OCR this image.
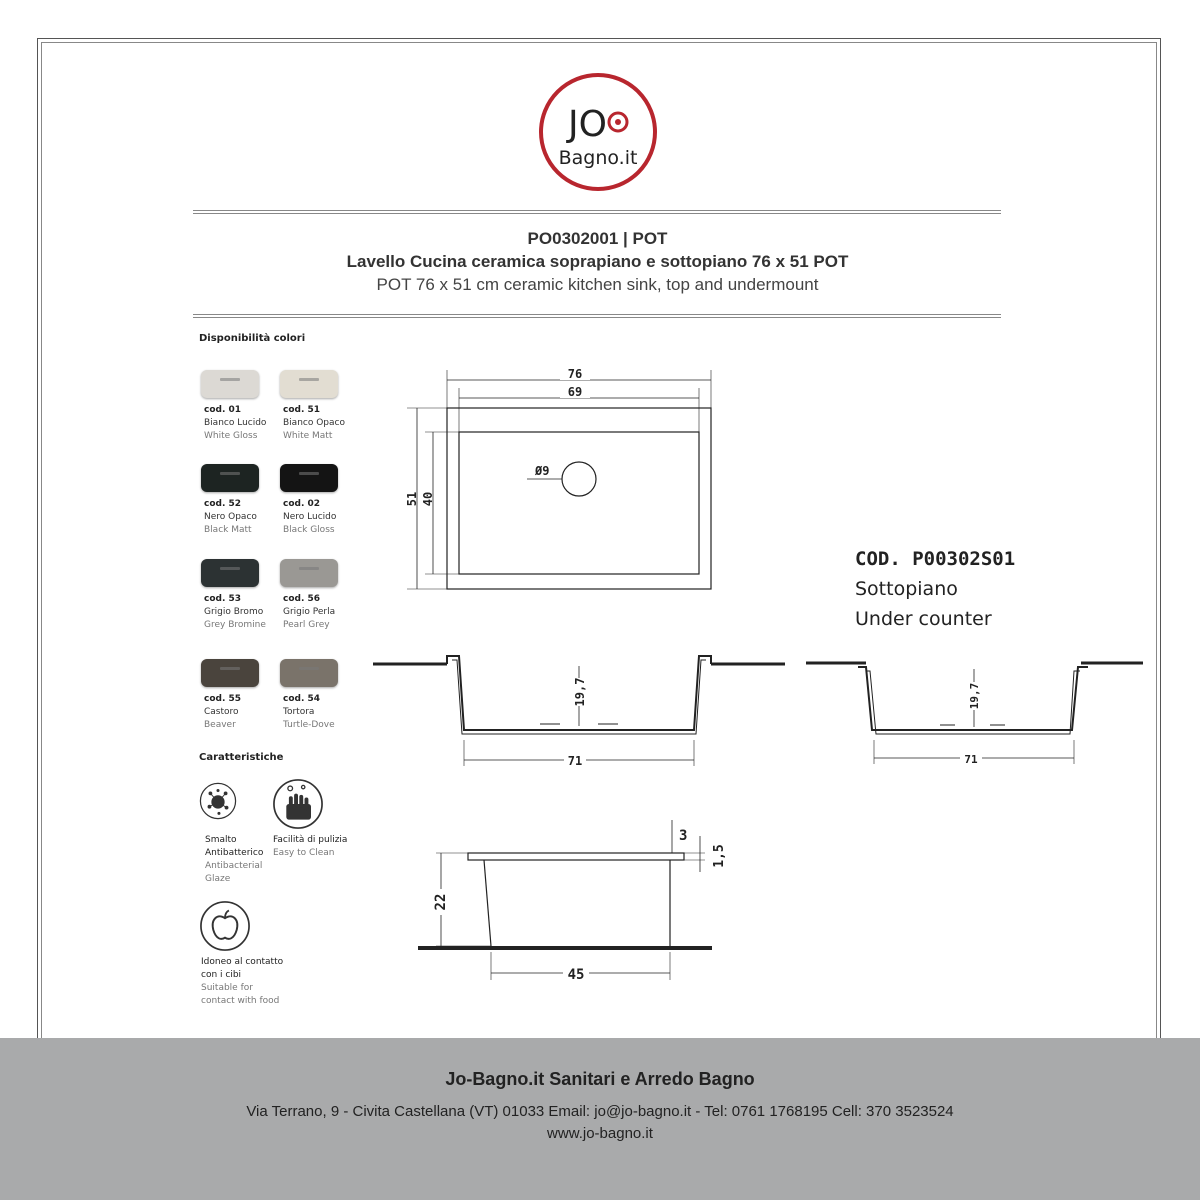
JO
Bagno.it
PO0302001 | POT
Lavello Cucina ceramica soprapiano e sottopiano 76 x 51 POT
POT 76 x 51 cm ceramic kitchen sink, top and undermount
Disponibilità colori
cod. 01
Bianco Lucido
White Gloss
cod. 51
Bianco Opaco
White Matt
cod. 52
Nero Opaco
Black Matt
cod. 02
Nero Lucido
Black Gloss
cod. 53
Grigio Bromo
Grey Bromine
cod. 56
Grigio Perla
Pearl Grey
cod. 55
Castoro
Beaver
cod. 54
Tortora
Turtle-Dove
Caratteristiche
Smalto
Antibatterico
Antibacterial
Glaze
Facilità di pulizia
Easy to Clean
Idoneo al contatto
con i cibi
Suitable for
contact with food
76
69
51 40
Ø9
71
19,7
71
19,7
3
1,5
22
45
COD. P00302S01
Sottopiano
Under counter
Jo-Bagno.it Sanitari e Arredo Bagno
Via Terrano, 9 - Civita Castellana (VT) 01033 Email: jo@jo-bagno.it - Tel: 0761 1768195 Cell: 370 3523524
www.jo-bagno.it
